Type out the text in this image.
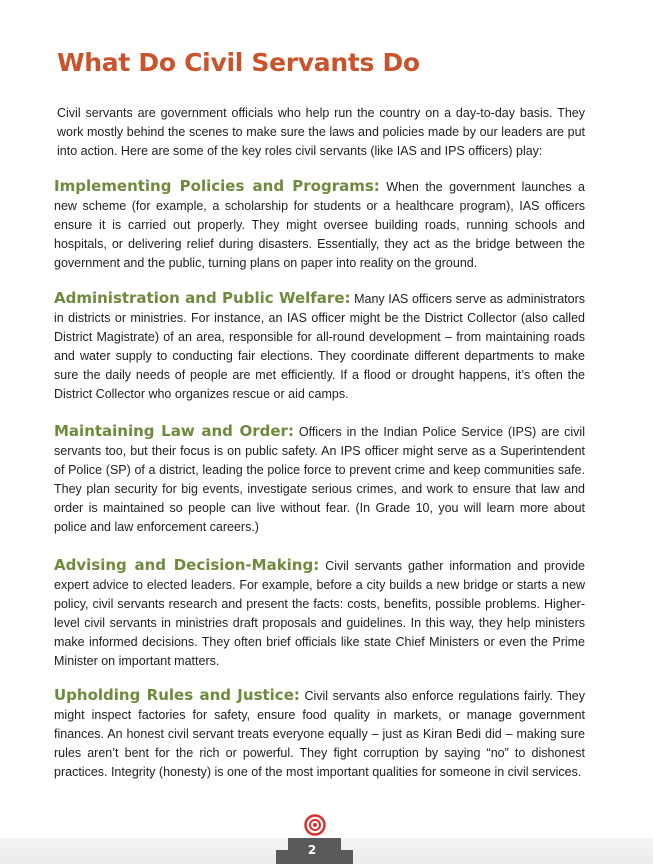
What Do Civil Servants Do

Civil servants are government officials who help run the country on a day-to-day basis. They work mostly behind the scenes to make sure the laws and policies made by our leaders are put into action. Here are some of the key roles civil servants (like IAS and IPS officers) play:

Implementing Policies and Programs: When the government launches a new scheme (for example, a scholarship for students or a healthcare program), IAS officers ensure it is carried out properly. They might oversee building roads, running schools and hospitals, or delivering relief during disasters. Essentially, they act as the bridge between the government and the public, turning plans on paper into reality on the ground.

Administration and Public Welfare: Many IAS officers serve as administrators in districts or ministries. For instance, an IAS officer might be the District Collector (also called District Magistrate) of an area, responsible for all-round development – from maintaining roads and water supply to conducting fair elections. They coordinate different departments to make sure the daily needs of people are met efficiently. If a flood or drought happens, it’s often the District Collector who organizes rescue or aid camps.

Maintaining Law and Order: Officers in the Indian Police Service (IPS) are civil servants too, but their focus is on public safety. An IPS officer might serve as a Superintendent of Police (SP) of a district, leading the police force to prevent crime and keep communities safe. They plan security for big events, investigate serious crimes, and work to ensure that law and order is maintained so people can live without fear. (In Grade 10, you will learn more about police and law enforcement careers.)

Advising and Decision-Making: Civil servants gather information and provide expert advice to elected leaders. For example, before a city builds a new bridge or starts a new policy, civil servants research and present the facts: costs, benefits, possible problems. Higher-level civil servants in ministries draft proposals and guidelines. In this way, they help ministers make informed decisions. They often brief officials like state Chief Ministers or even the Prime Minister on important matters.

Upholding Rules and Justice: Civil servants also enforce regulations fairly. They might inspect factories for safety, ensure food quality in markets, or manage government finances. An honest civil servant treats everyone equally – just as Kiran Bedi did – making sure rules aren’t bent for the rich or powerful. They fight corruption by saying “no” to dishonest practices. Integrity (honesty) is one of the most important qualities for someone in civil services.

2
